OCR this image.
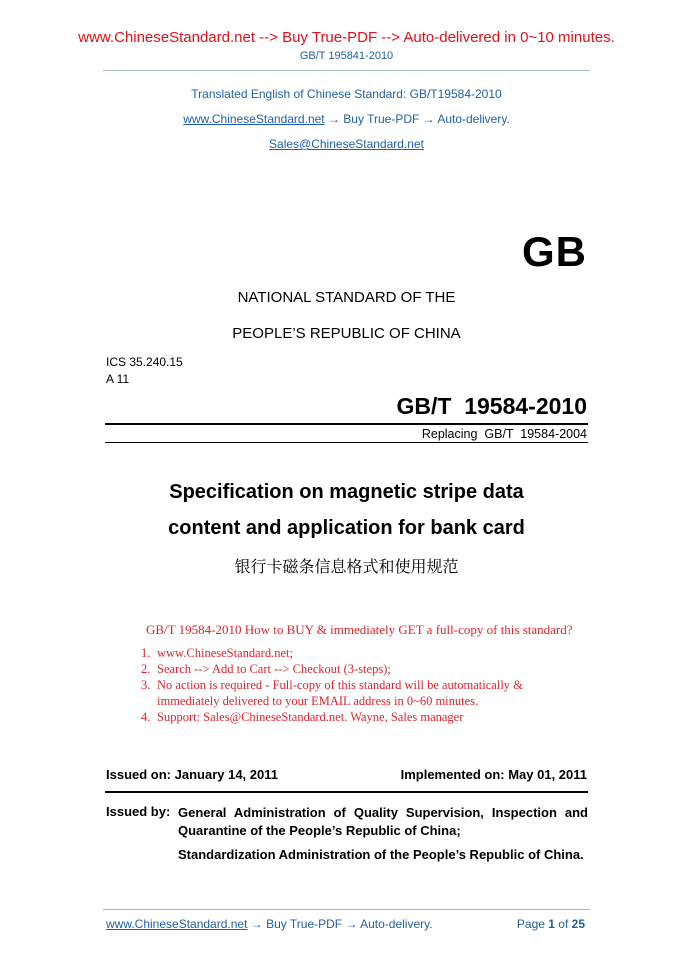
www.ChineseStandard.net --> Buy True-PDF --> Auto-delivered in 0~10 minutes.
GB/T 195841-2010
Translated English of Chinese Standard: GB/T19584-2010
www.ChineseStandard.net → Buy True-PDF → Auto-delivery.
Sales@ChineseStandard.net
GB
NATIONAL STANDARD OF THE
PEOPLE’S REPUBLIC OF CHINA
ICS 35.240.15
A 11
GB/T  19584-2010
Replacing  GB/T  19584-2004
Specification on magnetic stripe data
content and application for bank card
银行卡磁条信息格式和使用规范
GB/T 19584-2010 How to BUY & immediately GET a full-copy of this standard?
1. www.ChineseStandard.net;
2. Search --> Add to Cart --> Checkout (3-steps);
3. No action is required - Full-copy of this standard will be automatically & immediately delivered to your EMAIL address in 0~60 minutes.
4. Support: Sales@ChineseStandard.net. Wayne, Sales manager
Issued on: January 14, 2011	Implemented on: May 01, 2011
Issued by: General Administration of Quality Supervision, Inspection and Quarantine of the People’s Republic of China;
Standardization Administration of the People’s Republic of China.
www.ChineseStandard.net → Buy True-PDF → Auto-delivery.	Page 1 of 25
